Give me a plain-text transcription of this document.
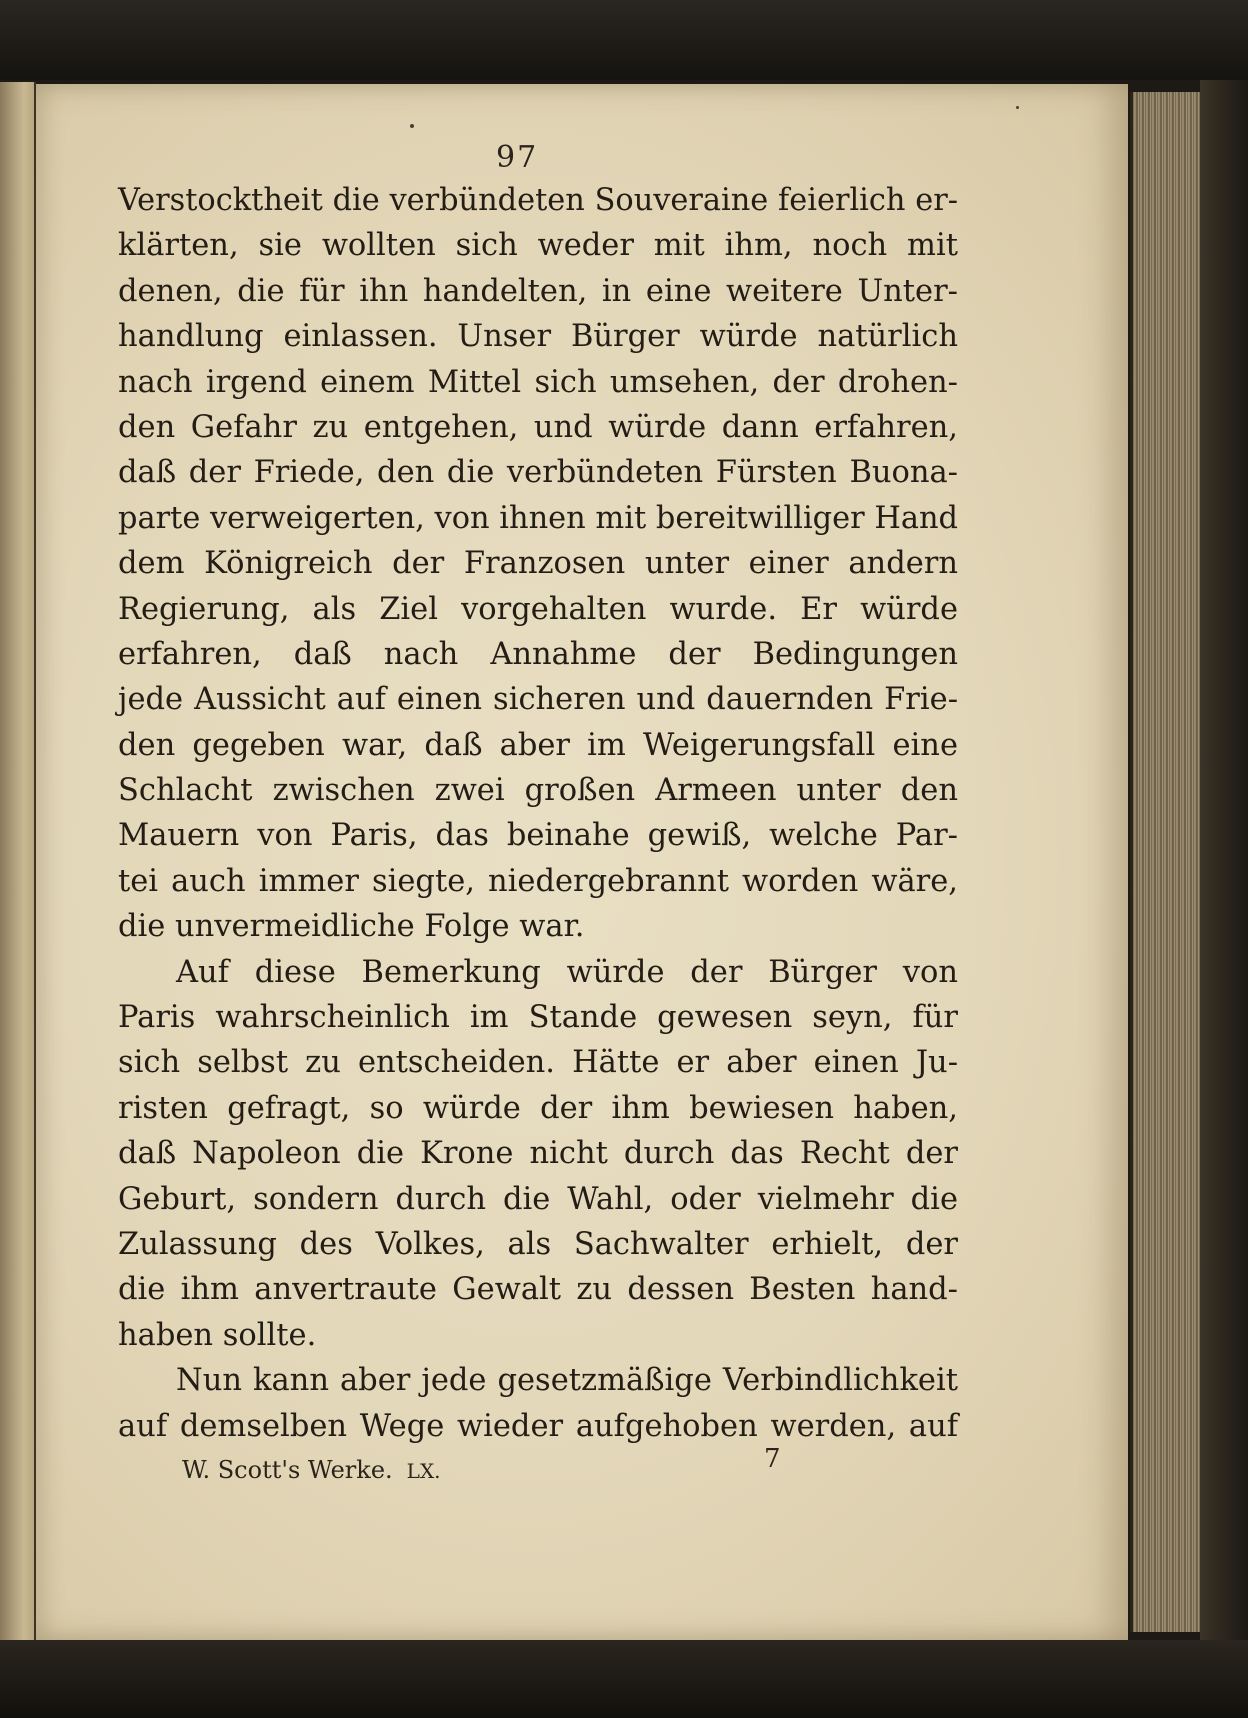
97
Verstocktheit die verbündeten Souveraine feierlich er-
klärten, sie wollten sich weder mit ihm, noch mit
denen, die für ihn handelten, in eine weitere Unter-
handlung einlassen. Unser Bürger würde natürlich
nach irgend einem Mittel sich umsehen, der drohen-
den Gefahr zu entgehen, und würde dann erfahren,
daß der Friede, den die verbündeten Fürsten Buona-
parte verweigerten, von ihnen mit bereitwilliger Hand
dem Königreich der Franzosen unter einer andern
Regierung, als Ziel vorgehalten wurde. Er würde
erfahren, daß nach Annahme der Bedingungen
jede Aussicht auf einen sicheren und dauernden Frie-
den gegeben war, daß aber im Weigerungsfall eine
Schlacht zwischen zwei großen Armeen unter den
Mauern von Paris, das beinahe gewiß, welche Par-
tei auch immer siegte, niedergebrannt worden wäre,
die unvermeidliche Folge war.
Auf diese Bemerkung würde der Bürger von
Paris wahrscheinlich im Stande gewesen seyn, für
sich selbst zu entscheiden. Hätte er aber einen Ju-
risten gefragt, so würde der ihm bewiesen haben,
daß Napoleon die Krone nicht durch das Recht der
Geburt, sondern durch die Wahl, oder vielmehr die
Zulassung des Volkes, als Sachwalter erhielt, der
die ihm anvertraute Gewalt zu dessen Besten hand-
haben sollte.
Nun kann aber jede gesetzmäßige Verbindlichkeit
auf demselben Wege wieder aufgehoben werden, auf
W. Scott's Werke. LX.	7
